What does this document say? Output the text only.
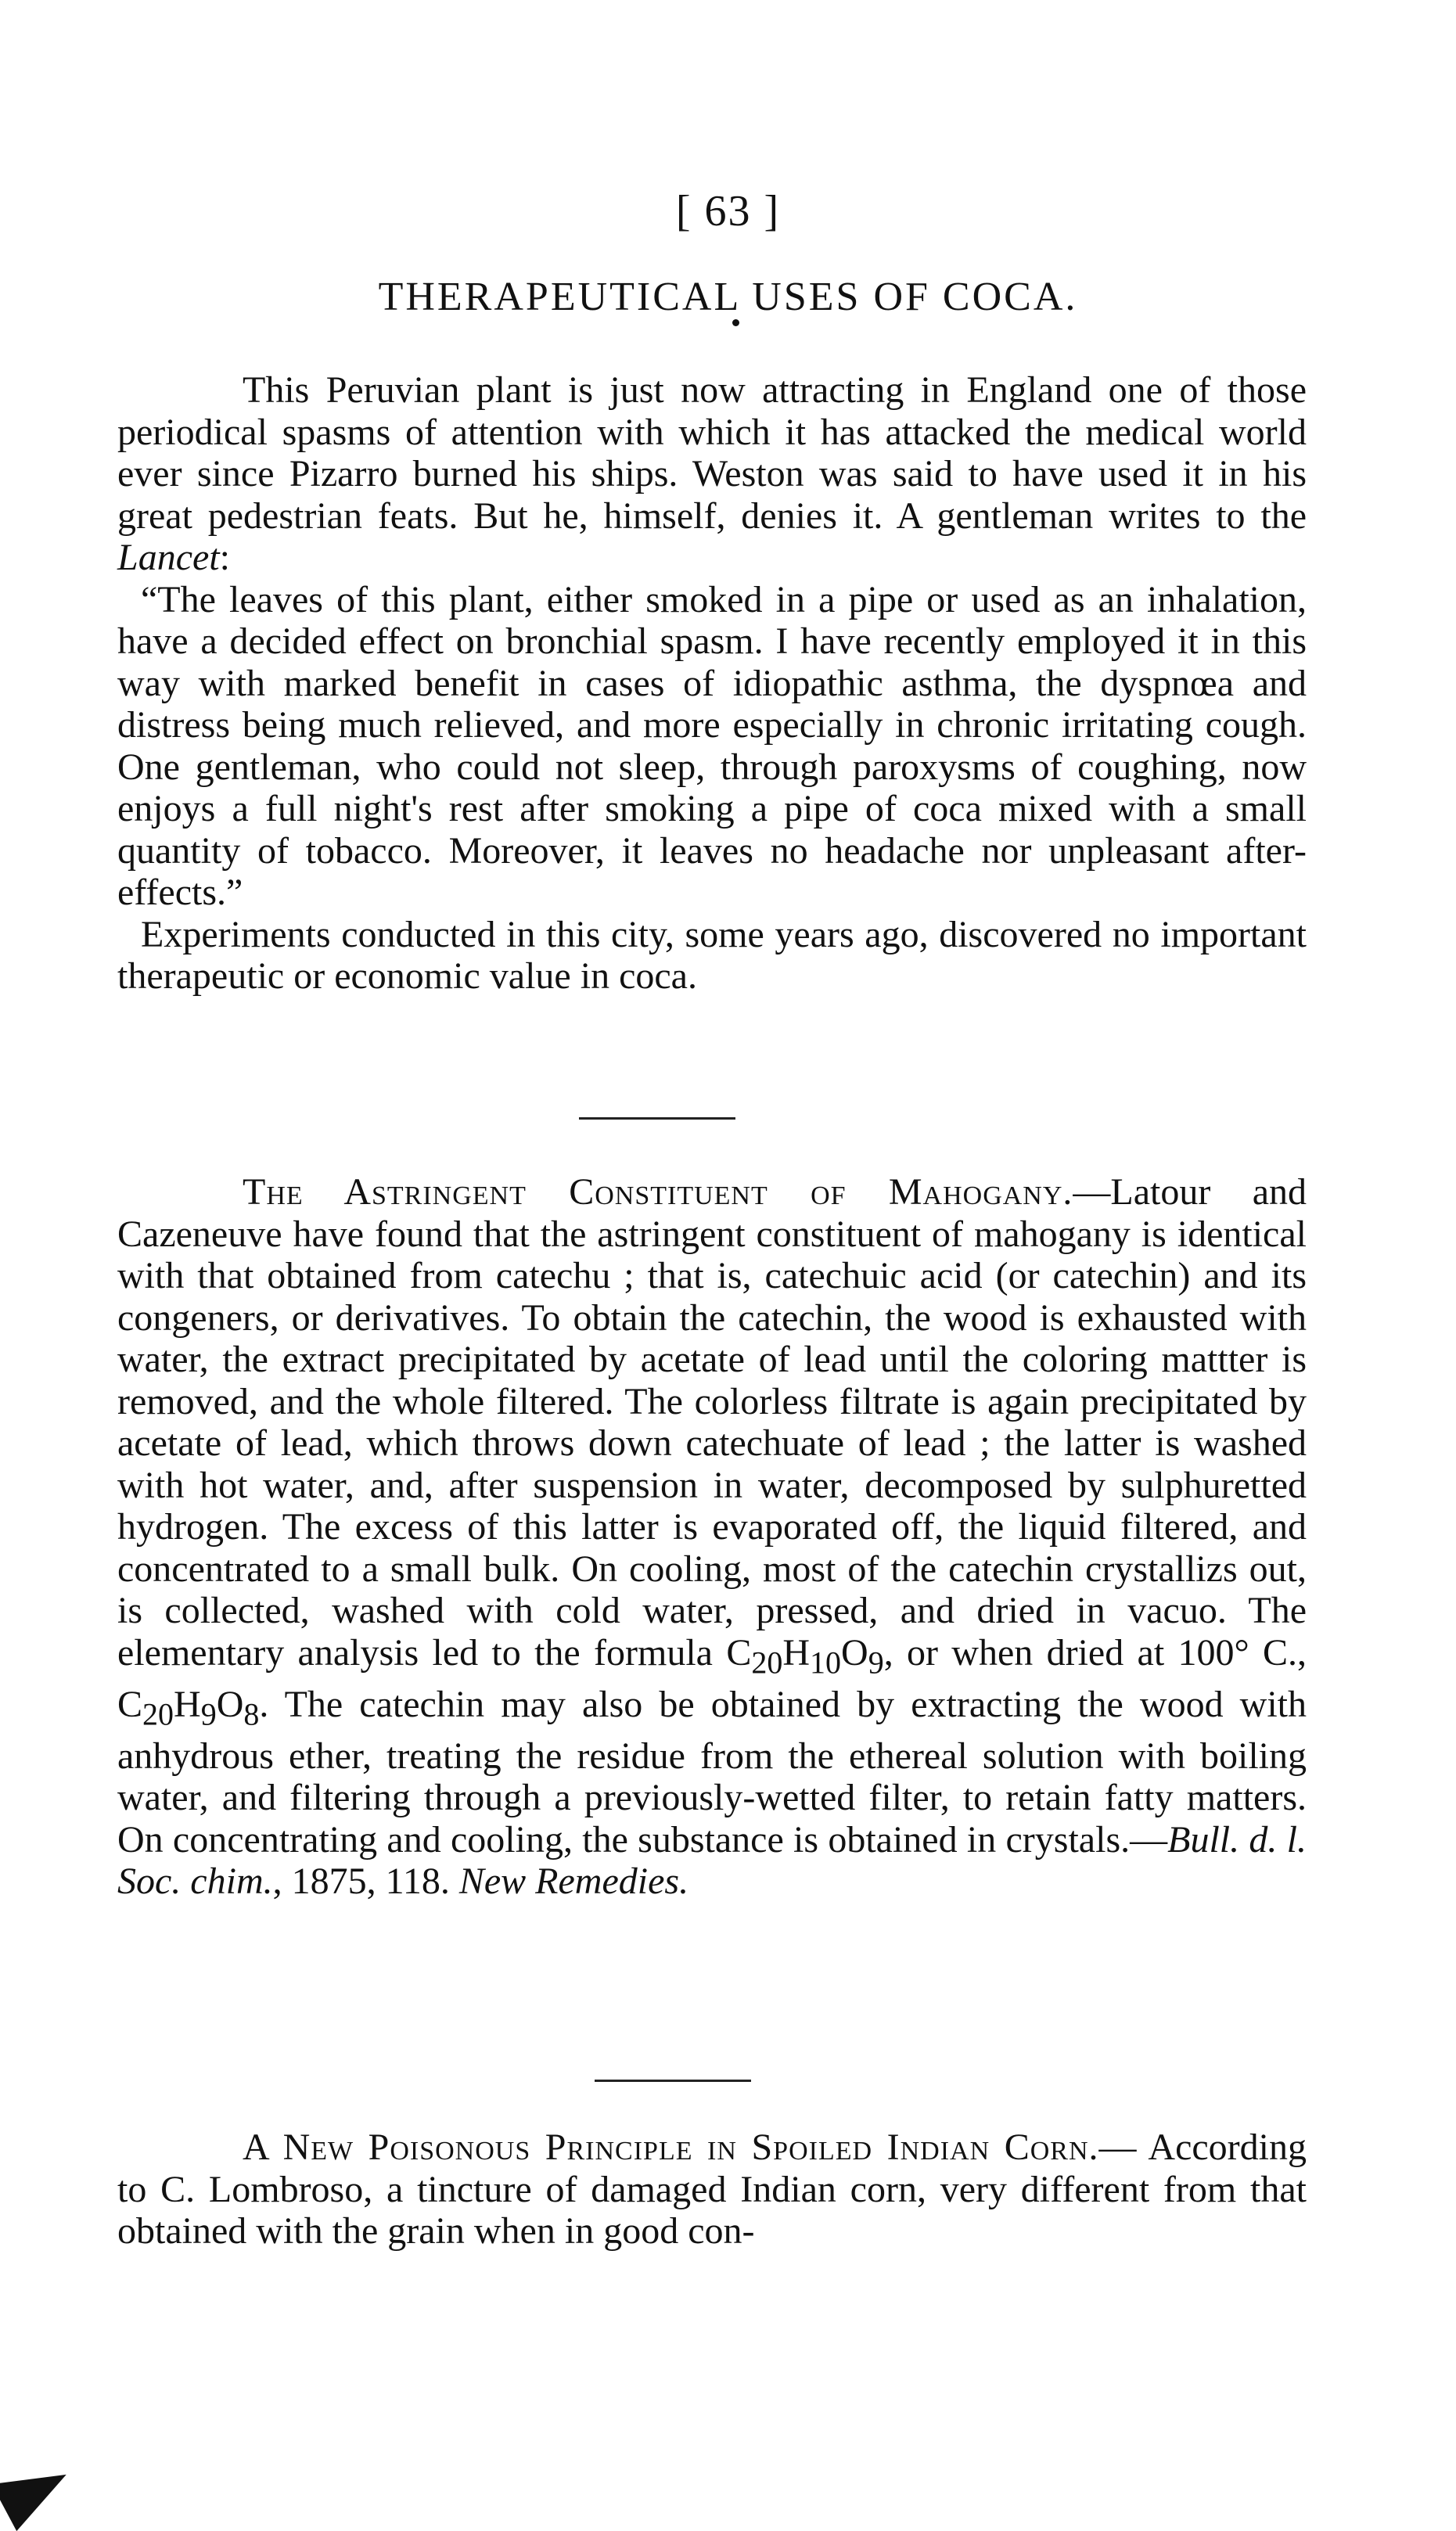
[ 63 ]
THERAPEUTICAL USES OF COCA.

This Peruvian plant is just now attracting in England one of those periodical spasms of attention with which it has attacked the medical world ever since Pizarro burned his ships. Weston was said to have used it in his great pedestrian feats. But he, himself, denies it. A gentleman writes to the Lancet:

“The leaves of this plant, either smoked in a pipe or used as an inhalation, have a decided effect on bronchial spasm. I have recently employed it in this way with marked benefit in cases of idiopathic asthma, the dyspnœa and distress being much relieved, and more especially in chronic irritating cough. One gentleman, who could not sleep, through paroxysms of coughing, now enjoys a full night's rest after smoking a pipe of coca mixed with a small quantity of tobacco. Moreover, it leaves no headache nor unpleasant after-effects.”

Experiments conducted in this city, some years ago, discovered no important therapeutic or economic value in coca.

The Astringent Constituent of Mahogany.—Latour and Cazeneuve have found that the astringent constituent of mahogany is identical with that obtained from catechu ; that is, catechuic acid (or catechin) and its congeners, or derivatives. To obtain the catechin, the wood is exhausted with water, the extract precipitated by acetate of lead until the coloring mattter is removed, and the whole filtered. The colorless filtrate is again precipitated by acetate of lead, which throws down catechuate of lead ; the latter is washed with hot water, and, after suspension in water, decomposed by sulphuretted hydrogen. The excess of this latter is evaporated off, the liquid filtered, and concentrated to a small bulk. On cooling, most of the catechin crystallizs out, is collected, washed with cold water, pressed, and dried in vacuo. The elementary analysis led to the formula $C_{20}H_{10}O_9$, or when dried at 100° C., $C_{20}H_9O_8$. The catechin may also be obtained by extracting the wood with anhydrous ether, treating the residue from the ethereal solution with boiling water, and filtering through a previously-wetted filter, to retain fatty matters. On concentrating and cooling, the substance is obtained in crystals.—Bull. d. l. Soc. chim., 1875, 118. New Remedies.

A New Poisonous Principle in Spoiled Indian Corn.— According to C. Lombroso, a tincture of damaged Indian corn, very different from that obtained with the grain when in good con-
